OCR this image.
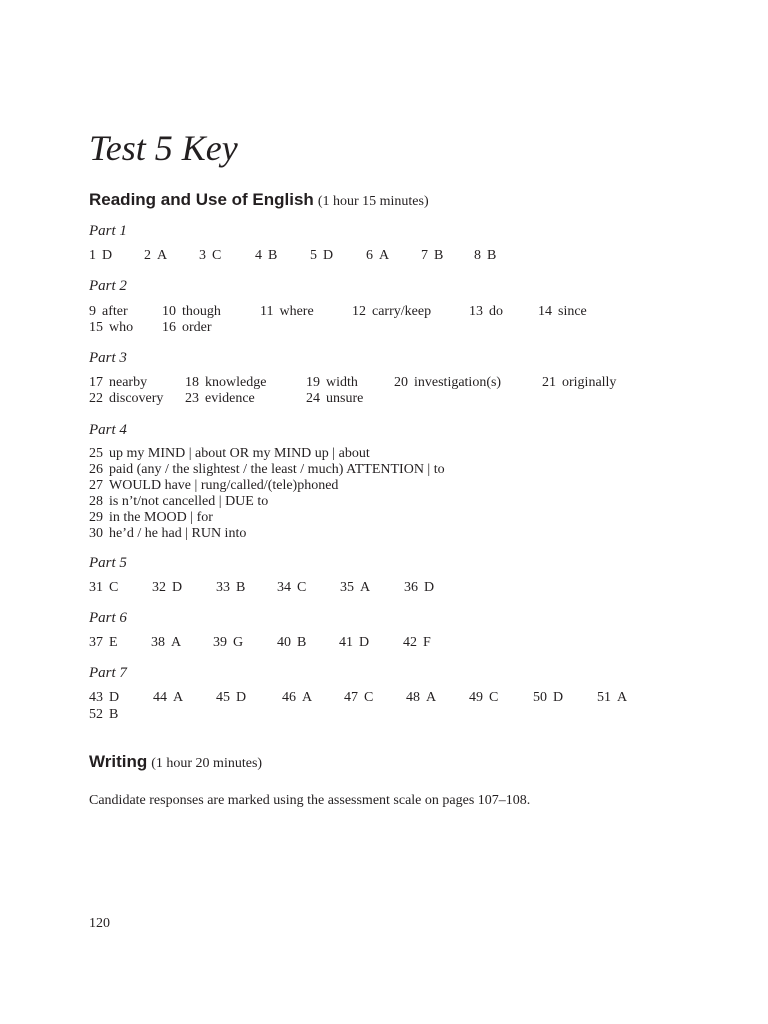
Test 5 Key
Reading and Use of English (1 hour 15 minutes)
Part 1
1 D 2 A 3 C 4 B 5 D 6 A 7 B 8 B
Part 2
9 after 10 though	11 where	12 carry/keep	13 do	14 since
15 who 16 order
Part 3
17 nearby	18 knowledge	19 width	20 investigation(s)	21 originally
22 discovery 23 evidence	24 unsure
Part 4
25 up my MIND | about OR my MIND up | about
26 paid (any / the slightest / the least / much) ATTENTION | to
27 WOULD have | rung/called/(tele)phoned
28 is n’t/not cancelled | DUE to
29 in the MOOD | for
30 he’d / he had | RUN into
Part 5
31 C 32 D 33 B 34 C 35 A 36 D
Part 6
37 E 38 A 39 G 40 B 41 D 42 F
Part 7
43 D 44 A 45 D	46 A 47 C 48 A 49 C 50 D 51 A
52 B
Writing (1 hour 20 minutes)
Candidate responses are marked using the assessment scale on pages 107–108.
120
